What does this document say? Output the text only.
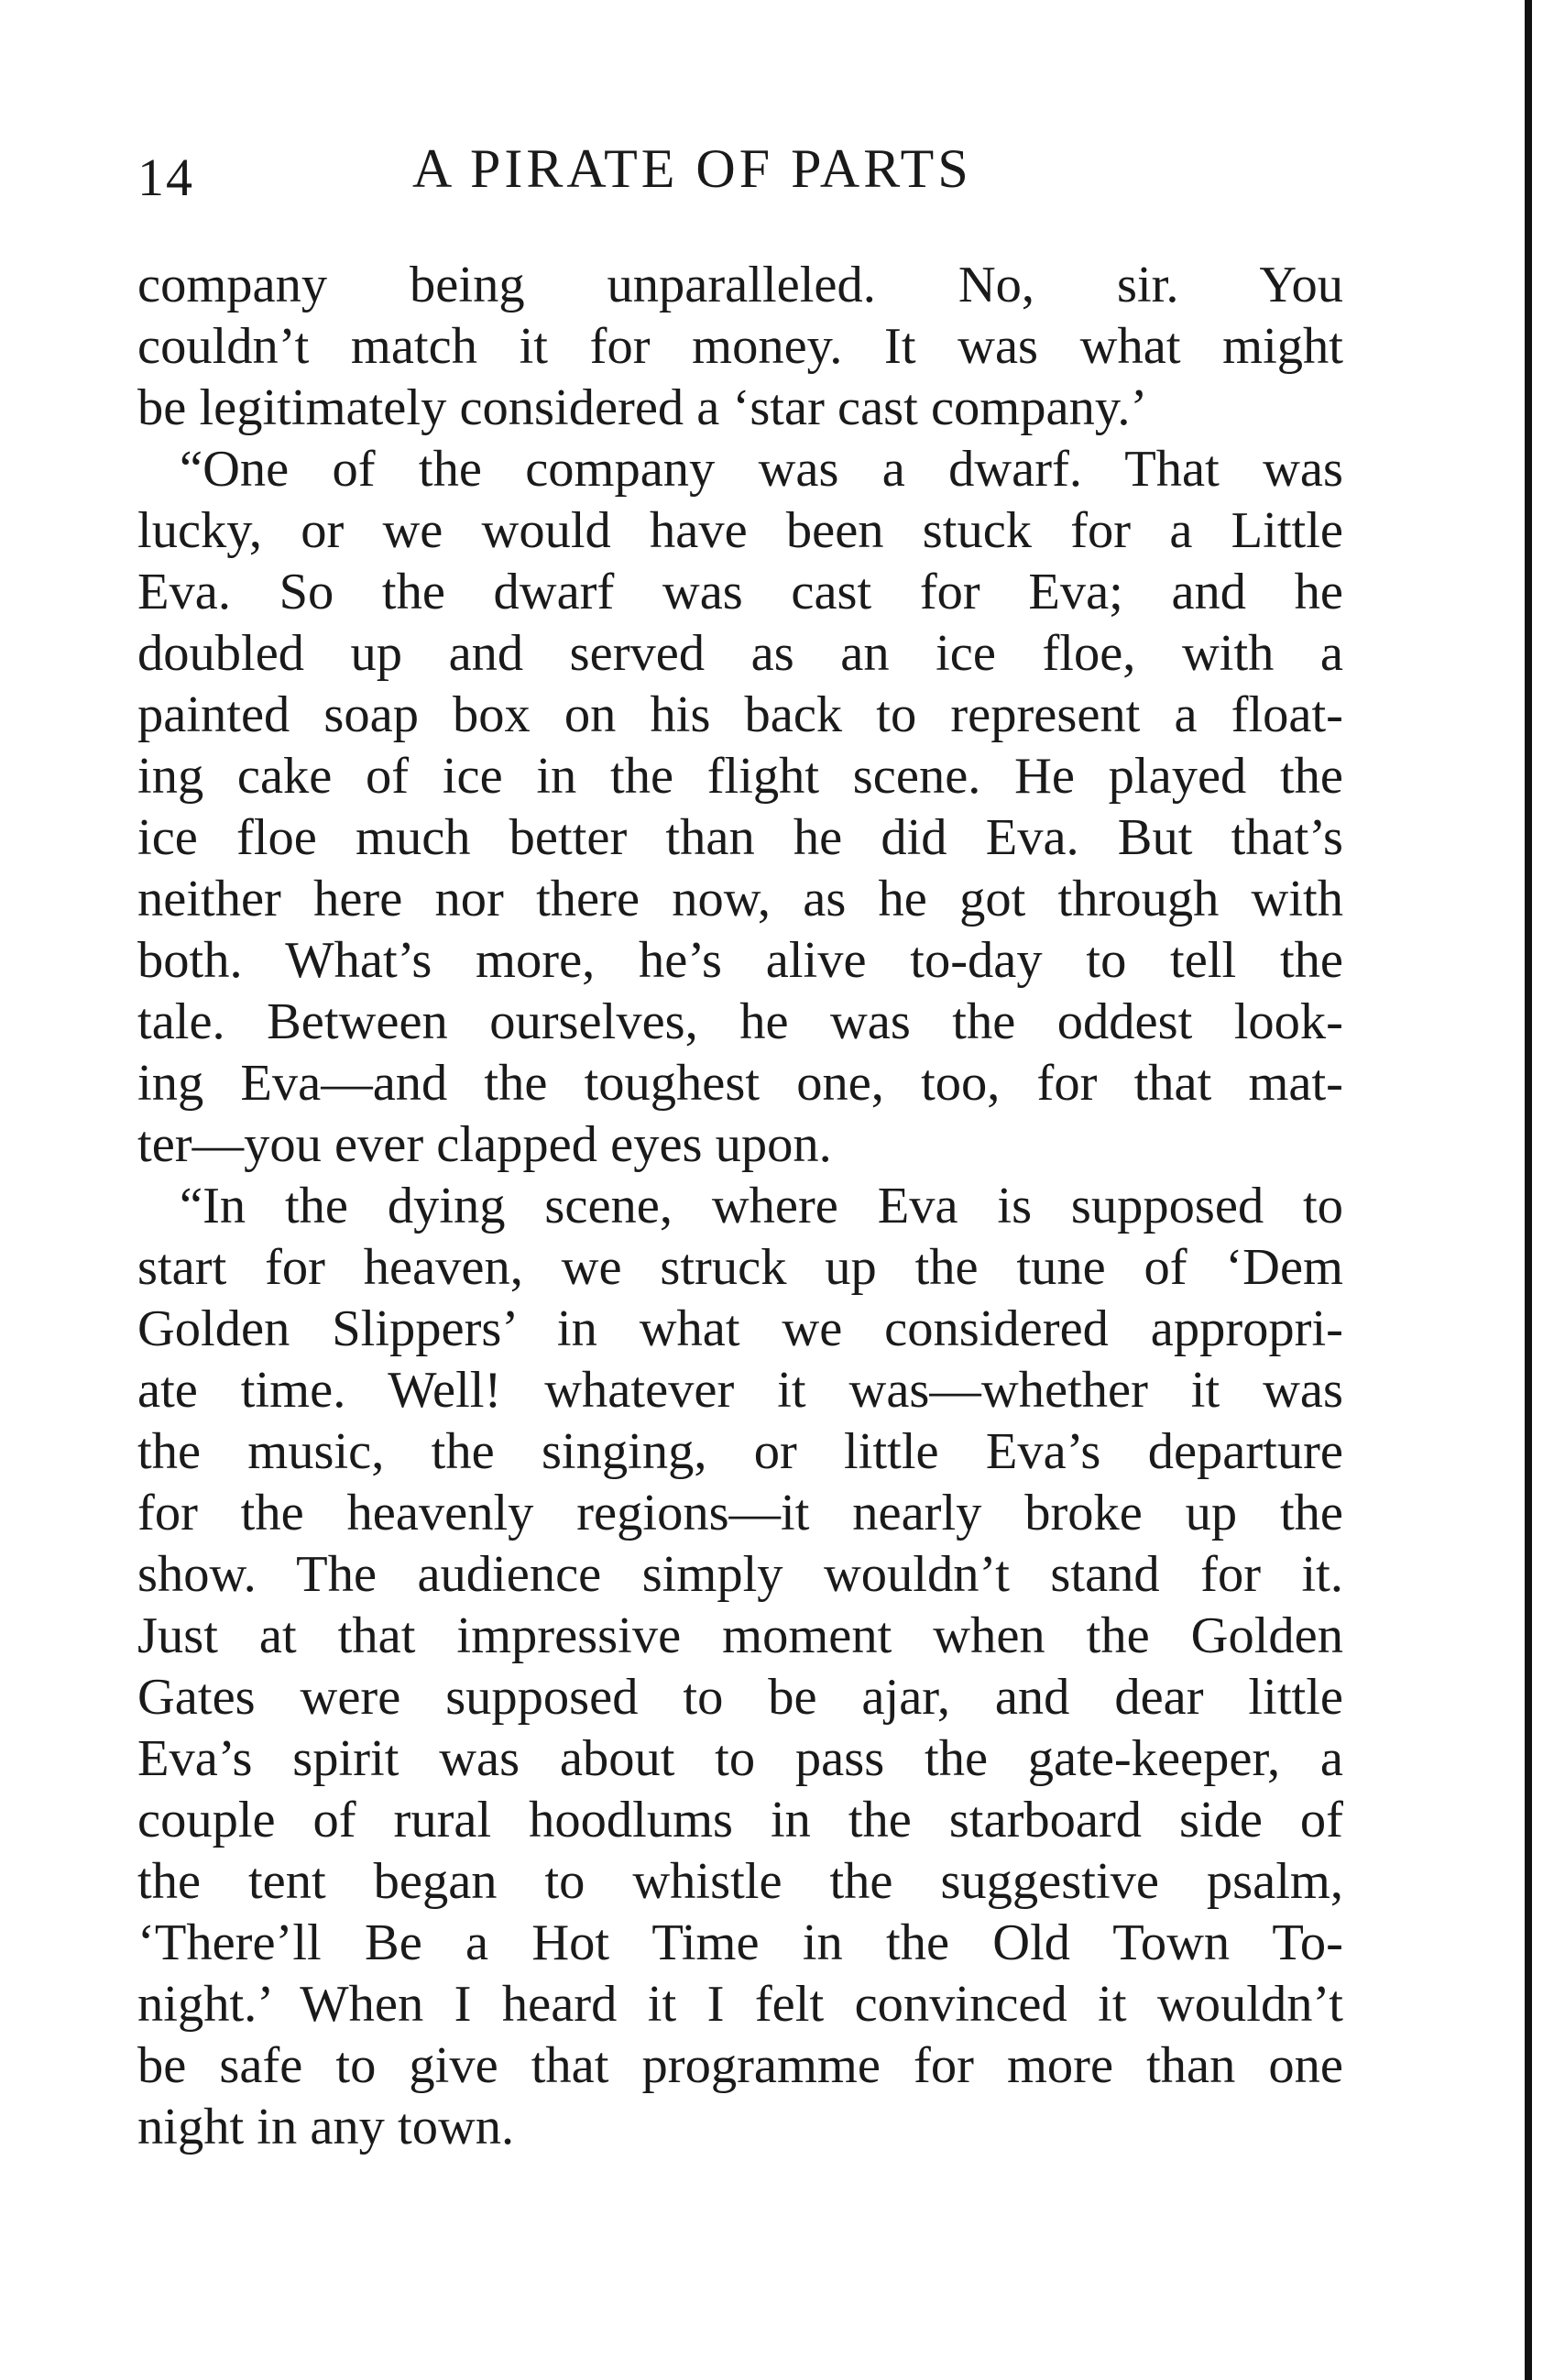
14	A PIRATE OF PARTS
company being unparalleled. No, sir. You
couldn’t match it for money. It was what might
be legitimately considered a ‘star cast company.’
“One of the company was a dwarf. That was
lucky, or we would have been stuck for a Little
Eva. So the dwarf was cast for Eva; and he
doubled up and served as an ice floe, with a
painted soap box on his back to represent a float-
ing cake of ice in the flight scene. He played the
ice floe much better than he did Eva. But that’s
neither here nor there now, as he got through with
both. What’s more, he’s alive to-day to tell the
tale. Between ourselves, he was the oddest look-
ing Eva—and the toughest one, too, for that mat-
ter—you ever clapped eyes upon.
“In the dying scene, where Eva is supposed to
start for heaven, we struck up the tune of ‘Dem
Golden Slippers’ in what we considered appropri-
ate time. Well! whatever it was—whether it was
the music, the singing, or little Eva’s departure
for the heavenly regions—it nearly broke up the
show. The audience simply wouldn’t stand for it.
Just at that impressive moment when the Golden
Gates were supposed to be ajar, and dear little
Eva’s spirit was about to pass the gate-keeper, a
couple of rural hoodlums in the starboard side of
the tent began to whistle the suggestive psalm,
‘There’ll Be a Hot Time in the Old Town To-
night.’ When I heard it I felt convinced it wouldn’t
be safe to give that programme for more than one
night in any town.
